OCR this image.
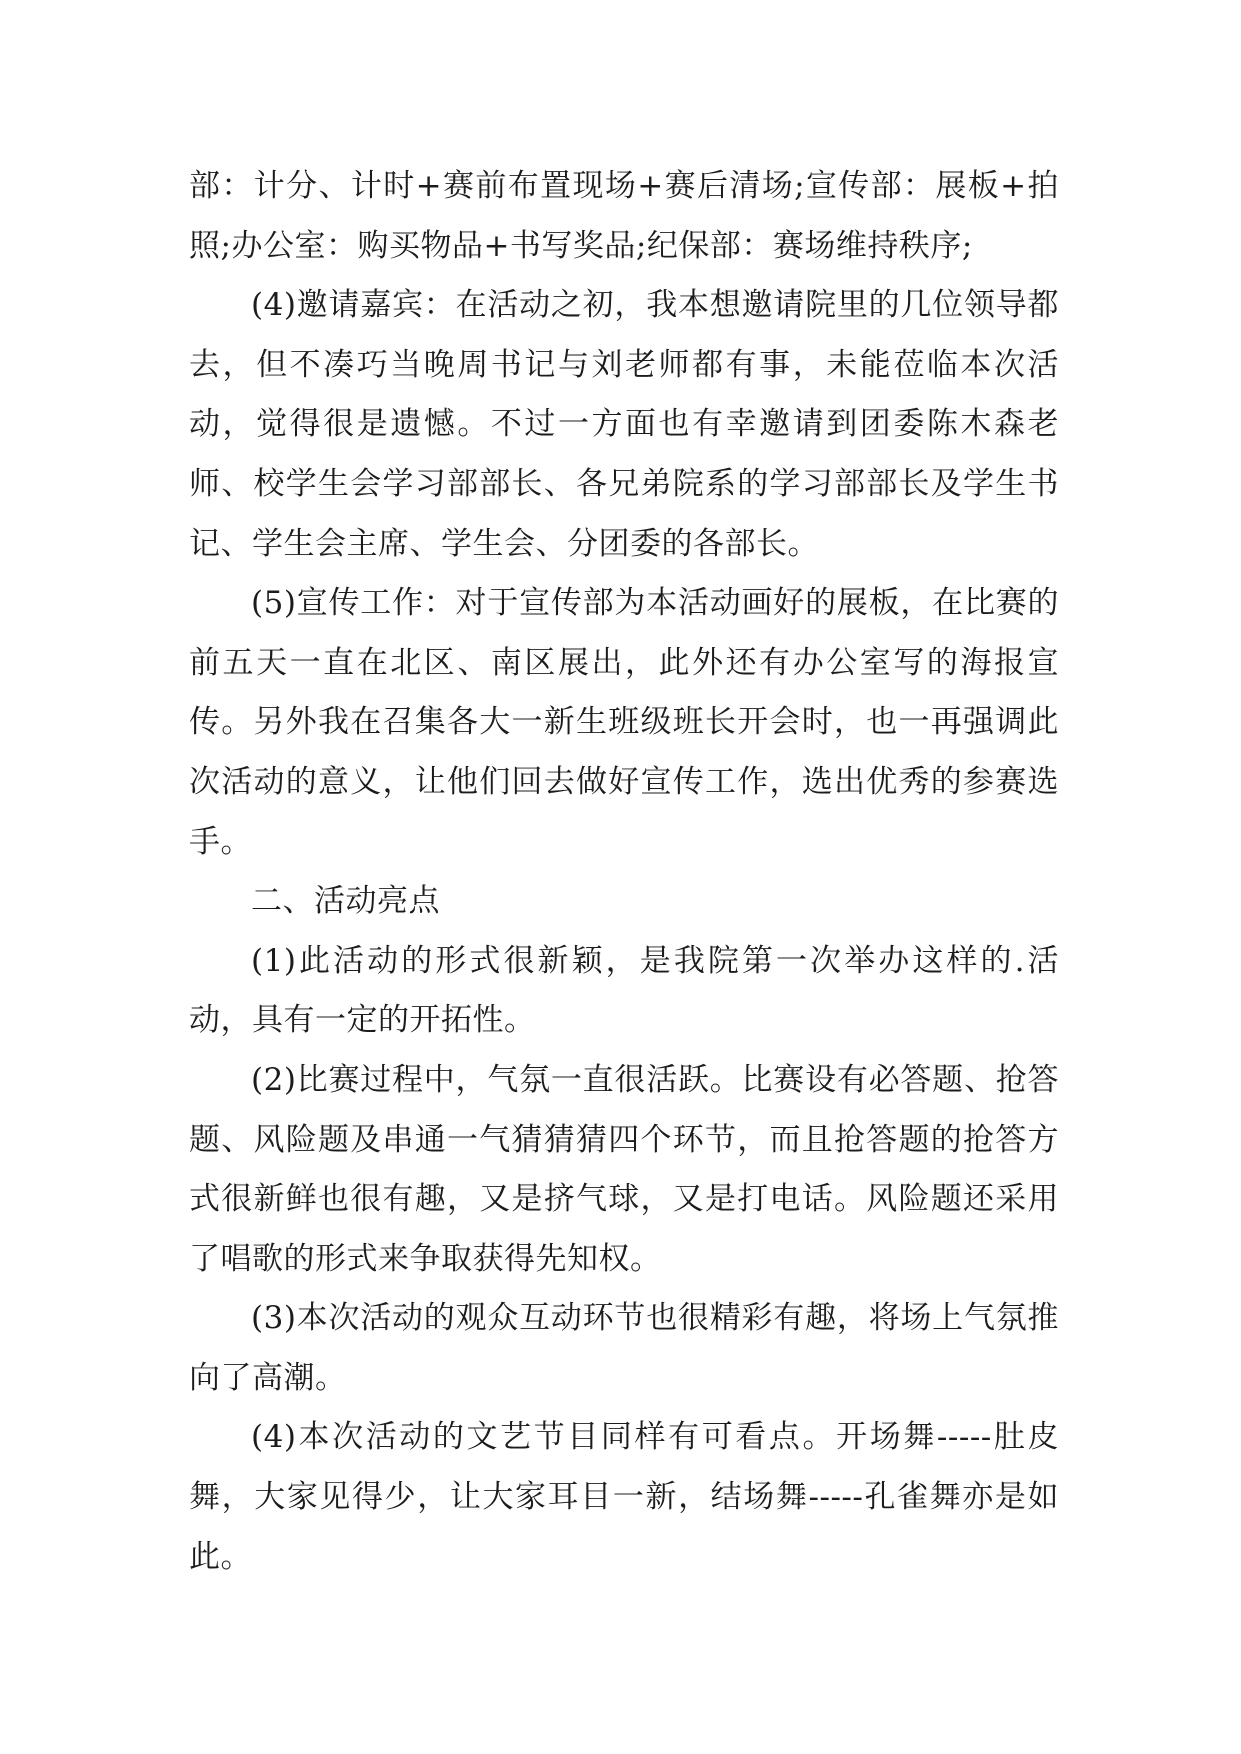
部：计分、计时+赛前布置现场+赛后清场;宣传部：展板+拍照;办公室：购买物品+书写奖品;纪保部：赛场维持秩序;

(4)邀请嘉宾：在活动之初，我本想邀请院里的几位领导都去，但不凑巧当晚周书记与刘老师都有事，未能莅临本次活动，觉得很是遗憾。不过一方面也有幸邀请到团委陈木森老师、校学生会学习部部长、各兄弟院系的学习部部长及学生书记、学生会主席、学生会、分团委的各部长。

(5)宣传工作：对于宣传部为本活动画好的展板，在比赛的前五天一直在北区、南区展出，此外还有办公室写的海报宣传。另外我在召集各大一新生班级班长开会时，也一再强调此次活动的意义，让他们回去做好宣传工作，选出优秀的参赛选手。

二、活动亮点

(1)此活动的形式很新颖，是我院第一次举办这样的.活动，具有一定的开拓性。

(2)比赛过程中，气氛一直很活跃。比赛设有必答题、抢答题、风险题及串通一气猜猜猜四个环节，而且抢答题的抢答方式很新鲜也很有趣，又是挤气球，又是打电话。风险题还采用了唱歌的形式来争取获得先知权。

(3)本次活动的观众互动环节也很精彩有趣，将场上气氛推向了高潮。

(4)本次活动的文艺节目同样有可看点。开场舞-----肚皮舞，大家见得少，让大家耳目一新，结场舞-----孔雀舞亦是如此。
